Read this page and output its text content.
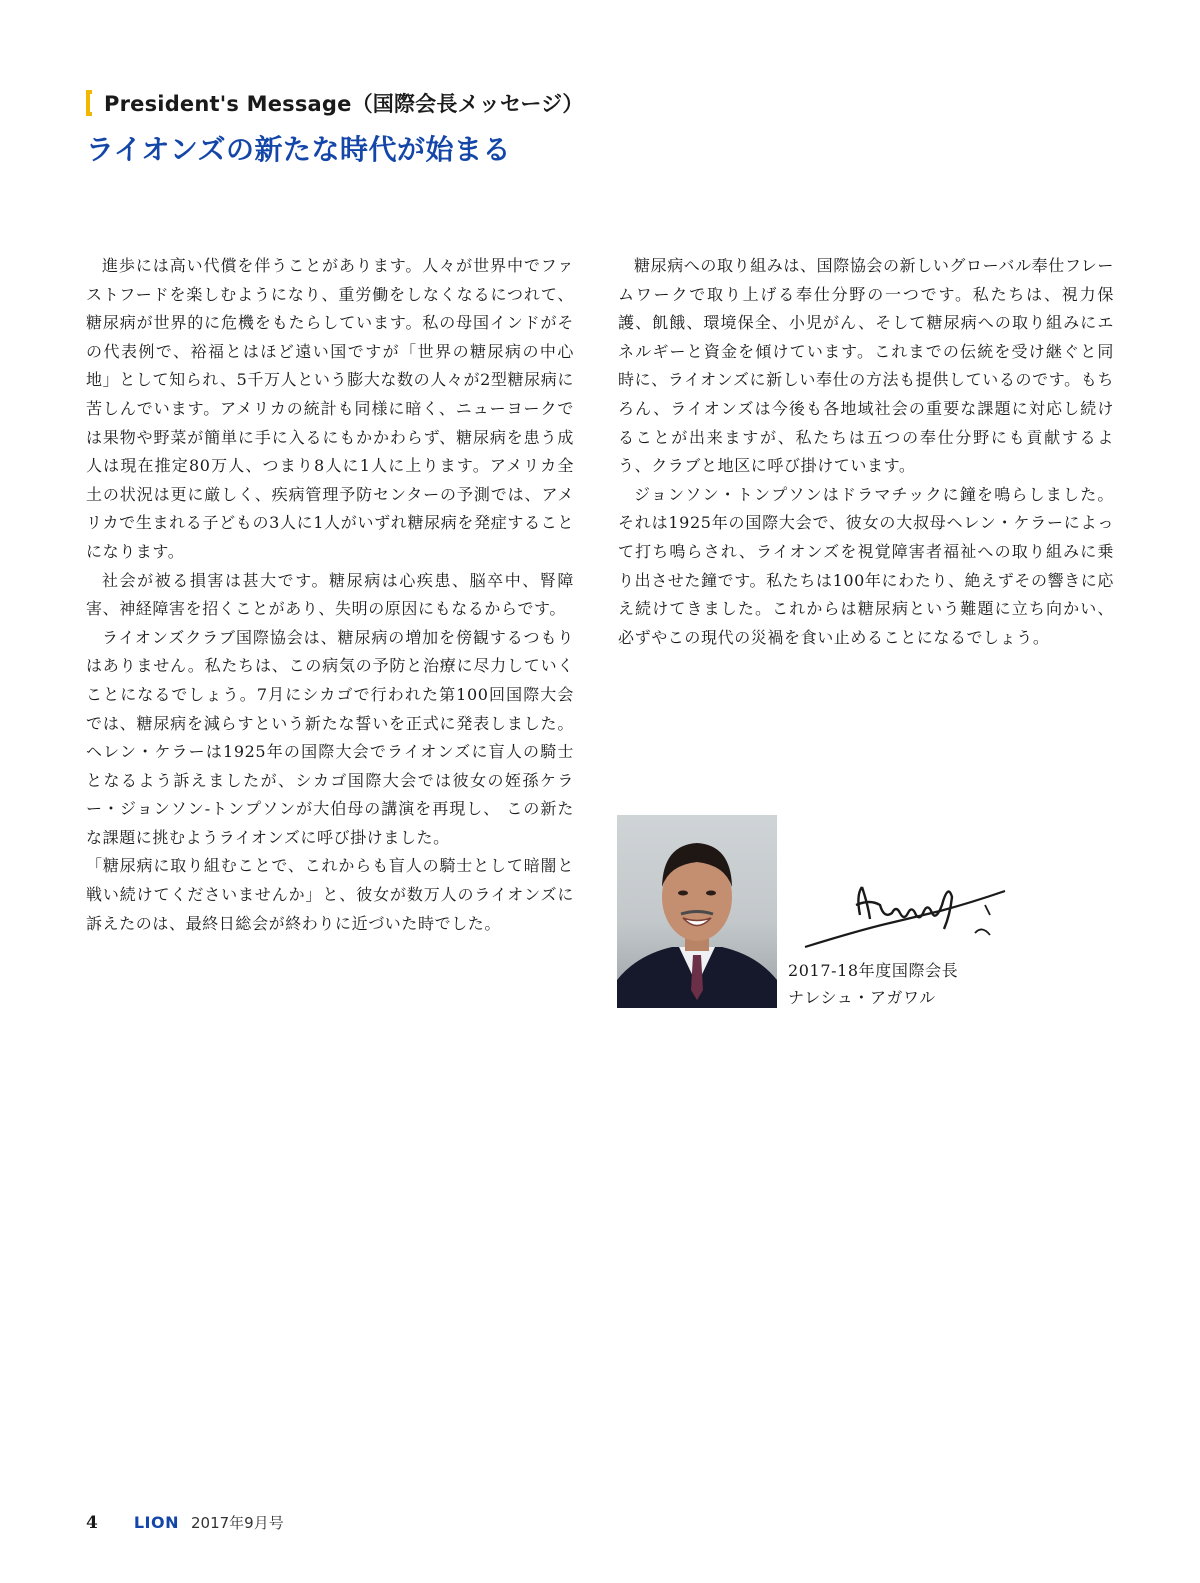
President's Message（国際会長メッセージ）
ライオンズの新たな時代が始まる

進歩には高い代償を伴うことがあります。人々が世界中でファストフードを楽しむようになり、重労働をしなくなるにつれて、糖尿病が世界的に危機をもたらしています。私の母国インドがその代表例で、裕福とはほど遠い国ですが「世界の糖尿病の中心地」として知られ、5千万人という膨大な数の人々が2型糖尿病に苦しんでいます。アメリカの統計も同様に暗く、ニューヨークでは果物や野菜が簡単に手に入るにもかかわらず、糖尿病を患う成人は現在推定80万人、つまり8人に1人に上ります。アメリカ全土の状況は更に厳しく、疾病管理予防センターの予測では、アメリカで生まれる子どもの3人に1人がいずれ糖尿病を発症することになります。

社会が被る損害は甚大です。糖尿病は心疾患、脳卒中、腎障害、神経障害を招くことがあり、失明の原因にもなるからです。

ライオンズクラブ国際協会は、糖尿病の増加を傍観するつもりはありません。私たちは、この病気の予防と治療に尽力していくことになるでしょう。7月にシカゴで行われた第100回国際大会では、糖尿病を減らすという新たな誓いを正式に発表しました。ヘレン・ケラーは1925年の国際大会でライオンズに盲人の騎士となるよう訴えましたが、シカゴ国際大会では彼女の姪孫ケラー・ジョンソン-トンプソンが大伯母の講演を再現し、 この新たな課題に挑むようライオンズに呼び掛けました。

「糖尿病に取り組むことで、これからも盲人の騎士として暗闇と戦い続けてくださいませんか」と、彼女が数万人のライオンズに訴えたのは、最終日総会が終わりに近づいた時でした。

糖尿病への取り組みは、国際協会の新しいグローバル奉仕フレームワークで取り上げる奉仕分野の一つです。私たちは、視力保護、飢餓、環境保全、小児がん、そして糖尿病への取り組みにエネルギーと資金を傾けています。これまでの伝統を受け継ぐと同時に、ライオンズに新しい奉仕の方法も提供しているのです。もちろん、ライオンズは今後も各地域社会の重要な課題に対応し続けることが出来ますが、私たちは五つの奉仕分野にも貢献するよう、クラブと地区に呼び掛けています。

ジョンソン・トンプソンはドラマチックに鐘を鳴らしました。それは1925年の国際大会で、彼女の大叔母ヘレン・ケラーによって打ち鳴らされ、ライオンズを視覚障害者福祉への取り組みに乗り出させた鐘です。私たちは100年にわたり、絶えずその響きに応え続けてきました。これからは糖尿病という難題に立ち向かい、必ずやこの現代の災禍を食い止めることになるでしょう。

2017-18年度国際会長
ナレシュ・アガワル
4 LION 2017年9月号
